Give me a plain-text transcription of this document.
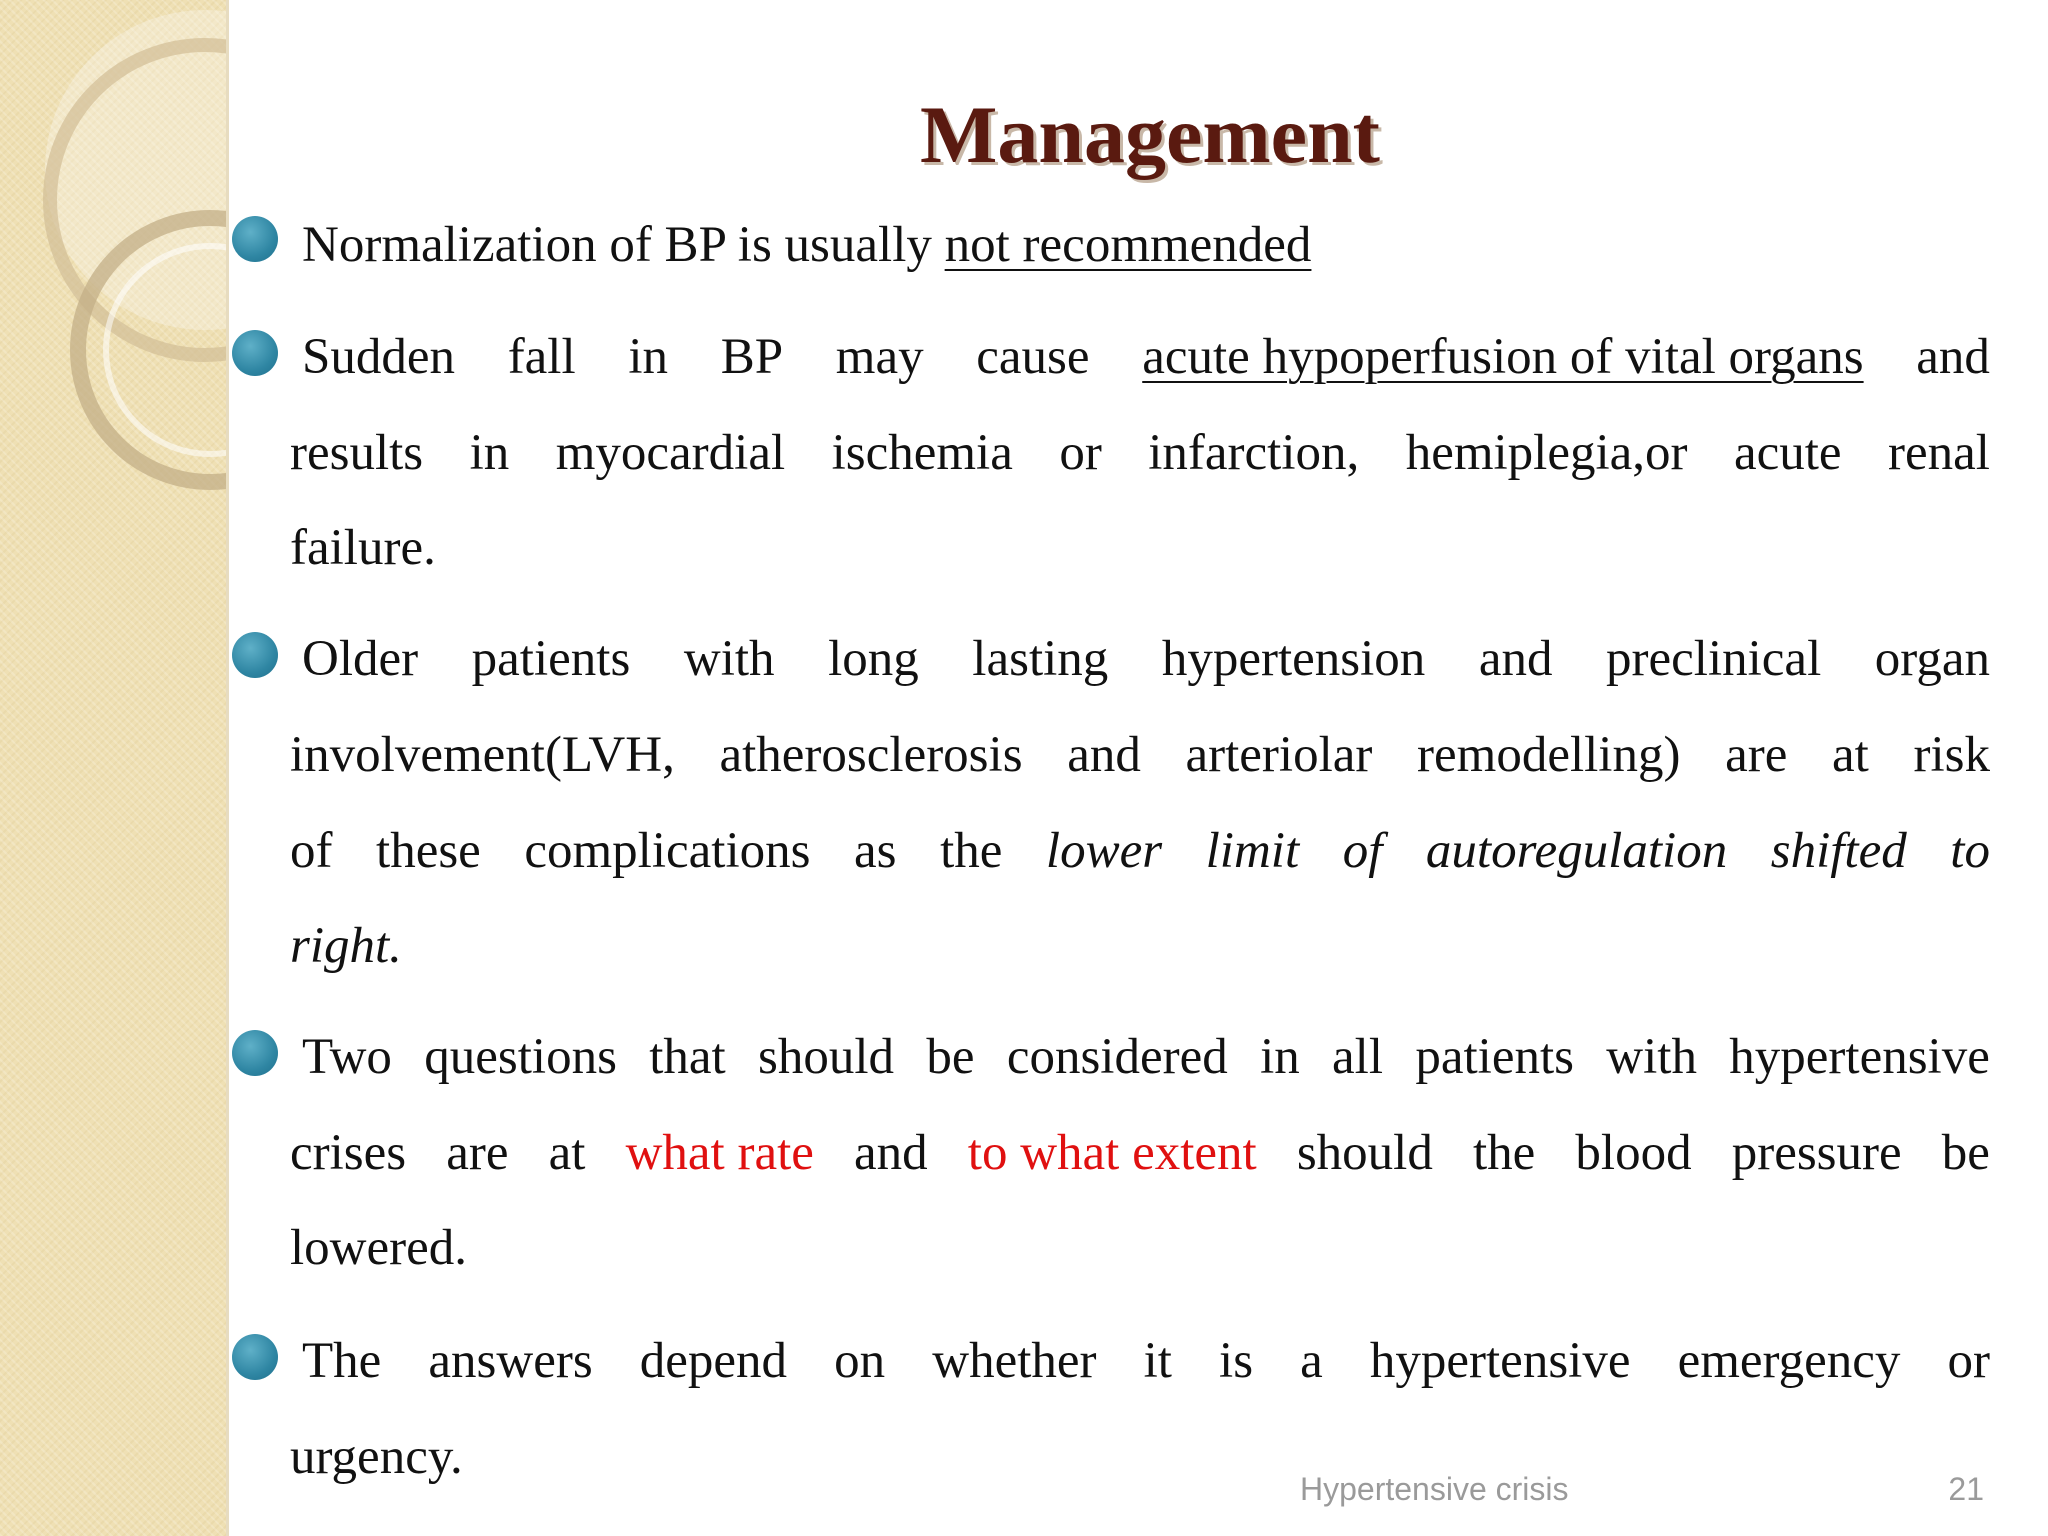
Management
Normalization of BP is usually not recommended
Sudden fall in BP may cause acute hypoperfusion of vital organs and
results in myocardial ischemia or infarction, hemiplegia,or acute renal
failure.
Older patients with long lasting hypertension and preclinical organ
involvement(LVH, atherosclerosis and arteriolar remodelling) are at risk
of these complications as the lower limit of autoregulation shifted to
right.
Two questions that should be considered in all patients with hypertensive
crises are at what rate and to what extent should the blood pressure be
lowered.
The answers depend on whether it is a hypertensive emergency or
urgency.
Hypertensive crisis	21
